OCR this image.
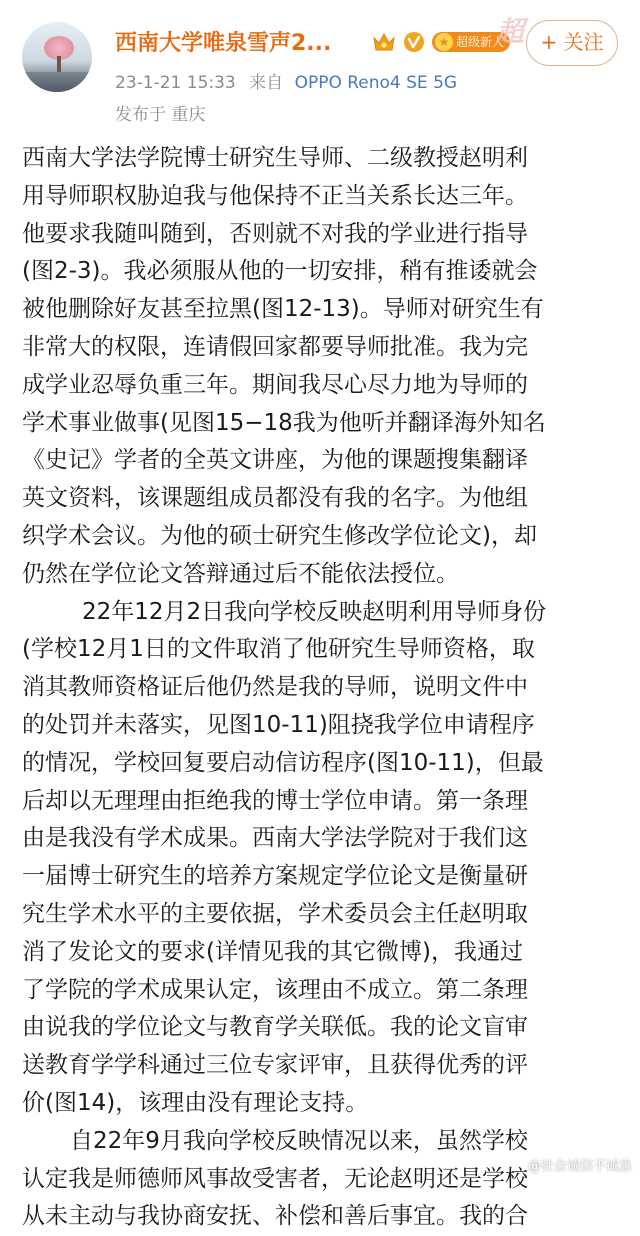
西南大学唯泉雪声2...	★ 超级新人
超 + 关注
23-1-21 15:33 来自 OPPO Reno4 SE 5G
发布于 重庆

西南大学法学院博士研究生导师、二级教授赵明利

用导师职权胁迫我与他保持不正当关系长达三年。

他要求我随叫随到，否则就不对我的学业进行指导

(图2-3)。我必须服从他的一切安排，稍有推诿就会

被他删除好友甚至拉黑(图12-13)。导师对研究生有

非常大的权限，连请假回家都要导师批准。我为完

成学业忍辱负重三年。期间我尽心尽力地为导师的

学术事业做事(见图15−18我为他听并翻译海外知名

《史记》学者的全英文讲座，为他的课题搜集翻译

英文资料，该课题组成员都没有我的名字。为他组

织学术会议。为他的硕士研究生修改学位论文)，却

仍然在学位论文答辩通过后不能依法授位。

22年12月2日我向学校反映赵明利用导师身份

(学校12月1日的文件取消了他研究生导师资格，取

消其教师资格证后他仍然是我的导师，说明文件中

的处罚并未落实，见图10-11)阻挠我学位申请程序

的情况，学校回复要启动信访程序(图10-11)，但最

后却以无理理由拒绝我的博士学位申请。第一条理

由是我没有学术成果。西南大学法学院对于我们这

一届博士研究生的培养方案规定学位论文是衡量研

究生学术水平的主要依据，学术委员会主任赵明取

消了发论文的要求(详情见我的其它微博)，我通过

了学院的学术成果认定，该理由不成立。第二条理

由说我的学位论文与教育学关联低。我的论文盲审

送教育学学科通过三位专家评审，且获得优秀的评

价(图14)，该理由没有理论支持。

自22年9月我向学校反映情况以来，虽然学校

认定我是师德师风事故受害者，无论赵明还是学校

从未主动与我协商安抚、补偿和善后事宜。我的合

@社会诚信不诚恳
